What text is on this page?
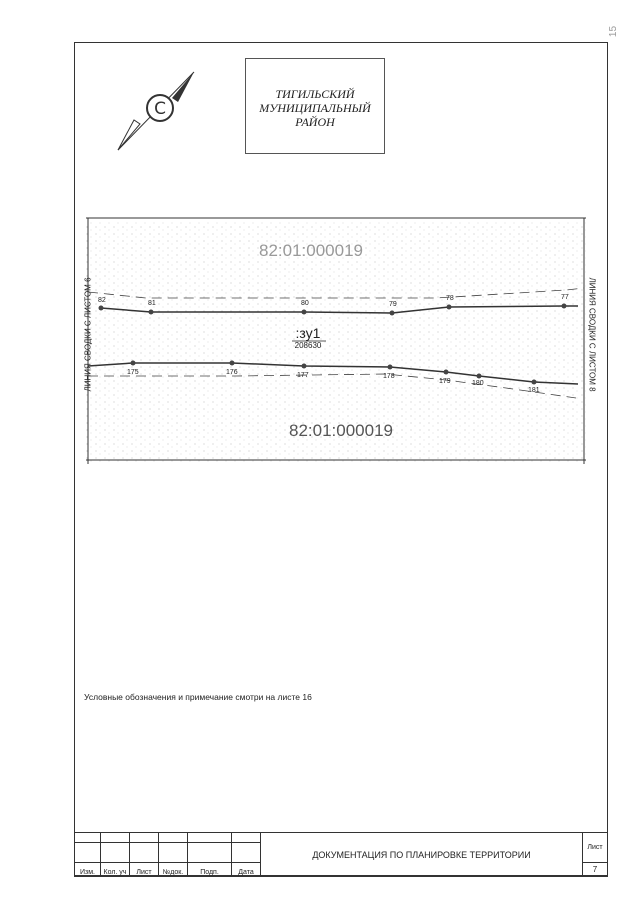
15
C
ТИГИЛЬСКИЙ
МУНИЦИПАЛЬНЫЙ
РАЙОН
82	81	80	79
78	77
175	176	177	178
179	180
181
82:01:000019
82:01:000019
:зу1
208630
ЛИНИЯ СВОДКИ С ЛИСТОМ 6	ЛИНИЯ СВОДКИ С ЛИСТОМ 8
Условные обозначения и примечание смотри на листе 16
						ДОКУМЕНТАЦИЯ ПО ПЛАНИРОВКЕ ТЕРРИТОРИИ	Лист

Изм.	Кол. уч	Лист	№док.	Подп.	Дата		7
